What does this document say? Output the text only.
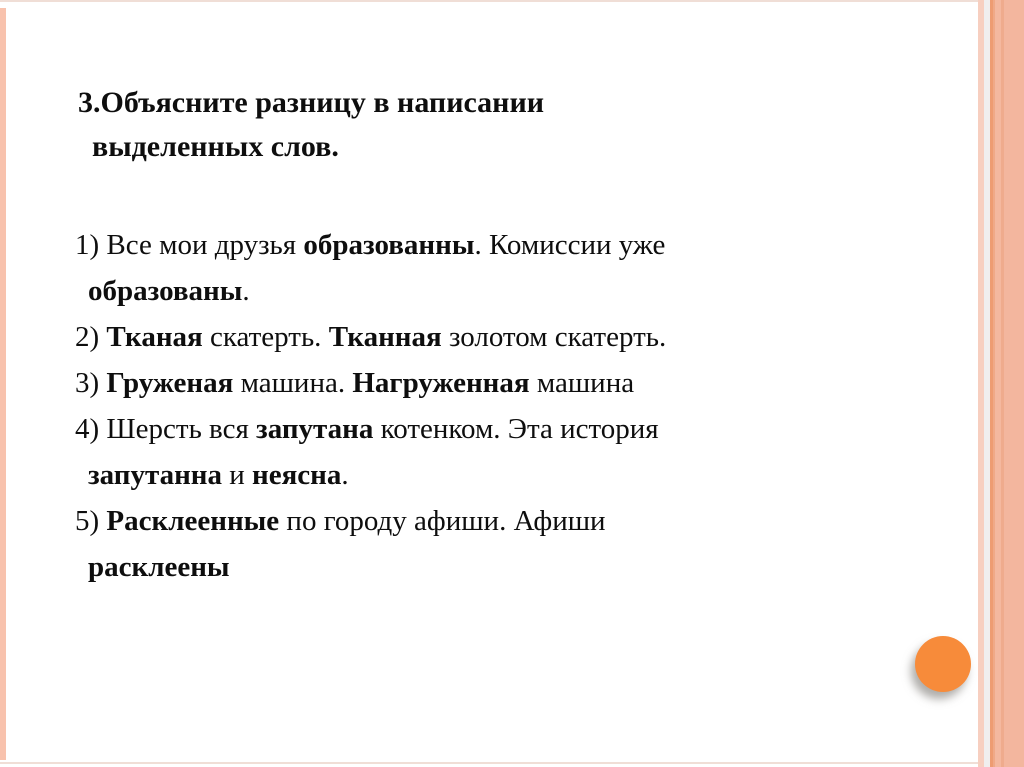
3.Объясните разницу в написании
выделенных слов.
1) Все мои друзья образованны. Комиссии уже
образованы.
2) Тканая скатерть. Тканная золотом скатерть.
3) Груженая машина. Нагруженная машина
4) Шерсть вся запутана котенком. Эта история
запутанна и неясна.
5) Расклеенные по городу афиши. Афиши
расклеены
